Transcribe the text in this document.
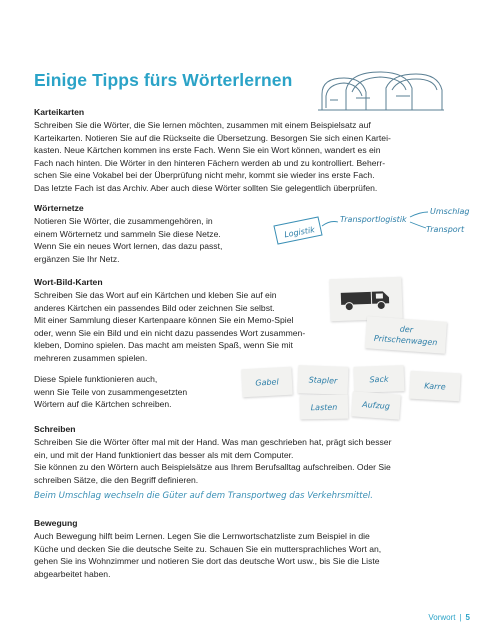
Einige Tipps fürs Wörterlernen
Karteikarten
Schreiben Sie die Wörter, die Sie lernen möchten, zusammen mit einem Beispielsatz auf
Karteikarten. Notieren Sie auf die Rückseite die Übersetzung. Besorgen Sie sich einen Kartei-
kasten. Neue Kärtchen kommen ins erste Fach. Wenn Sie ein Wort können, wandert es ein
Fach nach hinten. Die Wörter in den hinteren Fächern werden ab und zu kontrolliert. Beherr-
schen Sie eine Vokabel bei der Überprüfung nicht mehr, kommt sie wieder ins erste Fach.
Das letzte Fach ist das Archiv. Aber auch diese Wörter sollten Sie gelegentlich überprüfen.
Wörternetze
Notieren Sie Wörter, die zusammengehören, in
einem Wörternetz und sammeln Sie diese Netze.
Wenn Sie ein neues Wort lernen, das dazu passt,
ergänzen Sie Ihr Netz.
Logistik
Transportlogistik
Umschlag
Transport
Wort-Bild-Karten
Schreiben Sie das Wort auf ein Kärtchen und kleben Sie auf ein
anderes Kärtchen ein passendes Bild oder zeichnen Sie selbst.
Mit einer Sammlung dieser Kartenpaare können Sie ein Memo-Spiel
oder, wenn Sie ein Bild und ein nicht dazu passendes Wort zusammen-
kleben, Domino spielen. Das macht am meisten Spaß, wenn Sie mit
mehreren zusammen spielen.
der
Pritschenwagen
Diese Spiele funktionieren auch,
wenn Sie Teile von zusammengesetzten
Wörtern auf die Kärtchen schreiben.
Gabel	Stapler	Sack
Karre
Lasten	Aufzug
Schreiben
Schreiben Sie die Wörter öfter mal mit der Hand. Was man geschrieben hat, prägt sich besser
ein, und mit der Hand funktioniert das besser als mit dem Computer.
Sie können zu den Wörtern auch Beispielsätze aus Ihrem Berufsalltag aufschreiben. Oder Sie
schreiben Sätze, die den Begriff definieren.
Beim Umschlag wechseln die Güter auf dem Transportweg das Verkehrsmittel.
Bewegung
Auch Bewegung hilft beim Lernen. Legen Sie die Lernwortschatzliste zum Beispiel in die
Küche und decken Sie die deutsche Seite zu. Schauen Sie ein muttersprachliches Wort an,
gehen Sie ins Wohnzimmer und notieren Sie dort das deutsche Wort usw., bis Sie die Liste
abgearbeitet haben.
Vorwort | 5
